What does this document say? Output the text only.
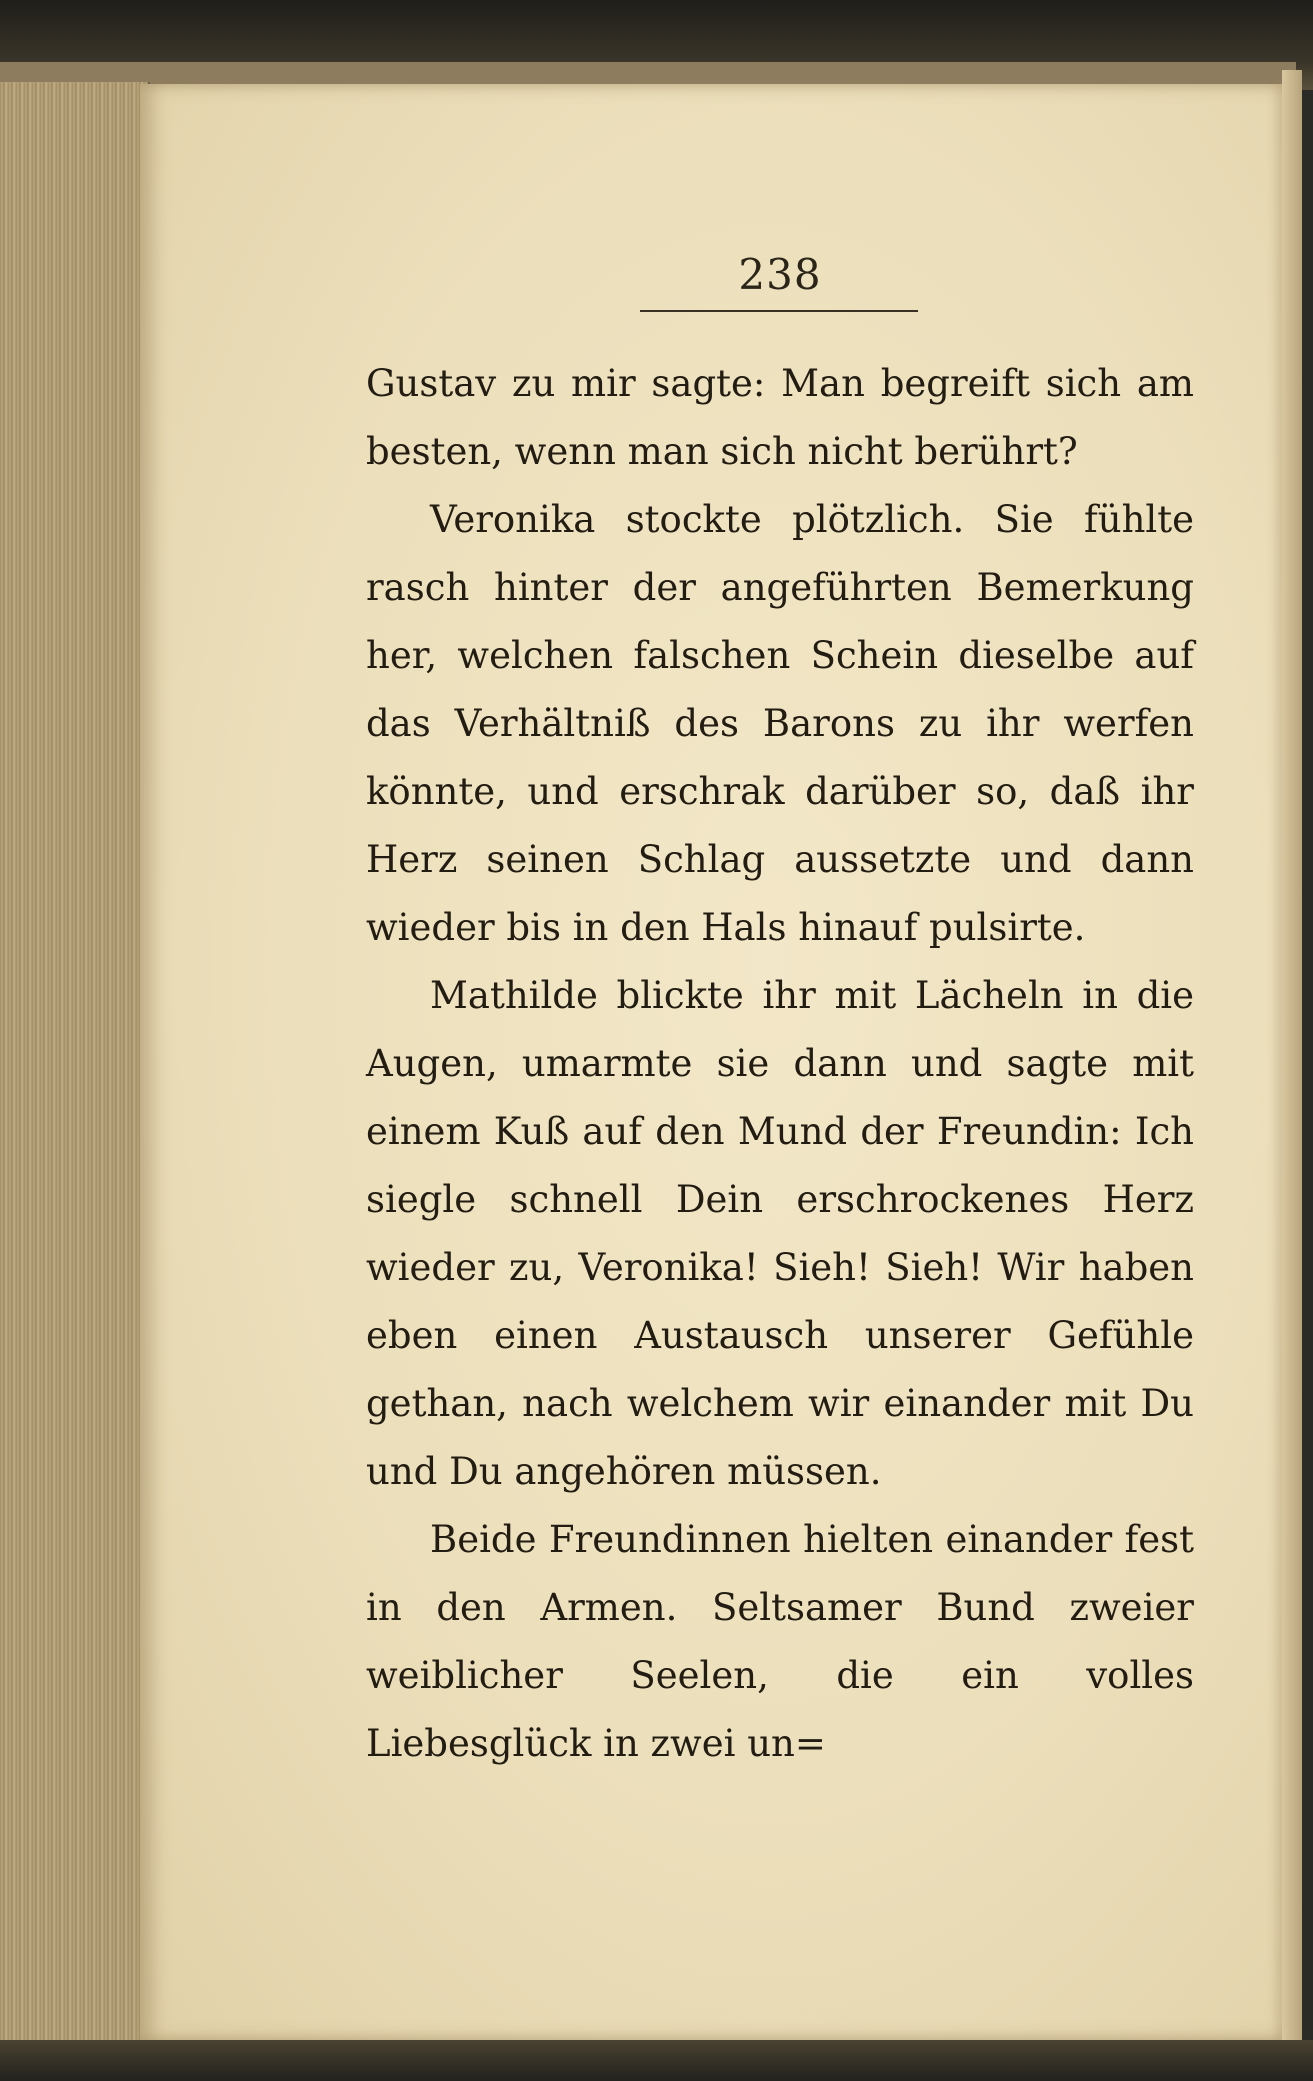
238

Gustav zu mir sagte: Man begreift sich am besten, wenn man sich nicht berührt?

Veronika stockte plötzlich. Sie fühlte rasch hinter der angeführten Bemerkung her, welchen falschen Schein dieselbe auf das Verhältniß des Barons zu ihr werfen könnte, und erschrak darüber so, daß ihr Herz seinen Schlag aussetzte und dann wieder bis in den Hals hinauf pulsirte.

Mathilde blickte ihr mit Lächeln in die Augen, umarmte sie dann und sagte mit einem Kuß auf den Mund der Freundin: Ich siegle schnell Dein erschrockenes Herz wieder zu, Veronika! Sieh! Sieh! Wir haben eben einen Austausch unserer Gefühle gethan, nach welchem wir einander mit Du und Du angehören müssen.

Beide Freundinnen hielten einander fest in den Armen. Seltsamer Bund zweier weiblicher Seelen, die ein volles Liebesglück in zwei un=
